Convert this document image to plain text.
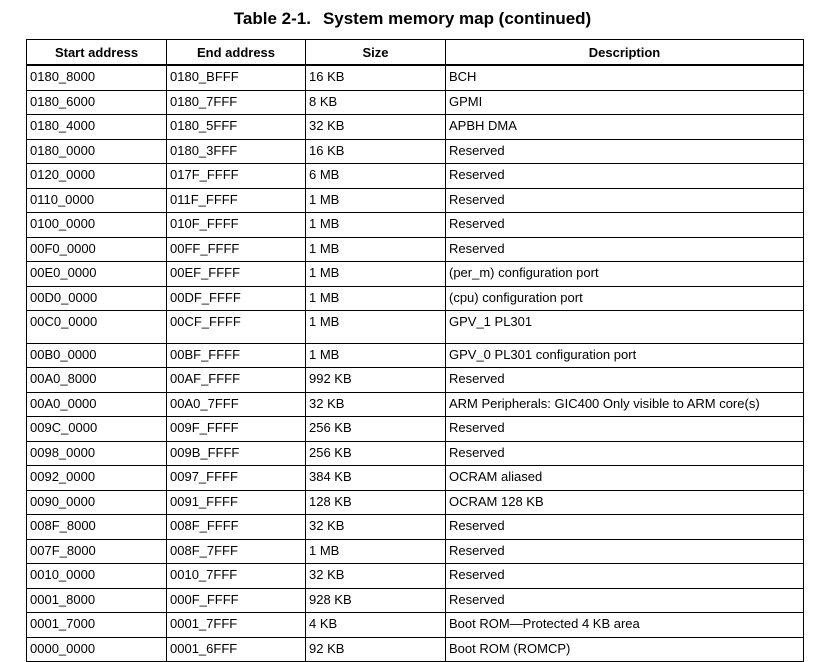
Table 2-1. System memory map (continued)
Start address	End address	Size	Description
0180_8000	0180_BFFF	16 KB	BCH
0180_6000	0180_7FFF	8 KB	GPMI
0180_4000	0180_5FFF	32 KB	APBH DMA
0180_0000	0180_3FFF	16 KB	Reserved
0120_0000	017F_FFFF	6 MB	Reserved
0110_0000	011F_FFFF	1 MB	Reserved
0100_0000	010F_FFFF	1 MB	Reserved
00F0_0000	00FF_FFFF	1 MB	Reserved
00E0_0000	00EF_FFFF	1 MB	(per_m) configuration port
00D0_0000	00DF_FFFF	1 MB	(cpu) configuration port
00C0_0000	00CF_FFFF	1 MB	GPV_1 PL301
00B0_0000	00BF_FFFF	1 MB	GPV_0 PL301 configuration port
00A0_8000	00AF_FFFF	992 KB	Reserved
00A0_0000	00A0_7FFF	32 KB	ARM Peripherals: GIC400 Only visible to ARM core(s)
009C_0000	009F_FFFF	256 KB	Reserved
0098_0000	009B_FFFF	256 KB	Reserved
0092_0000	0097_FFFF	384 KB	OCRAM aliased
0090_0000	0091_FFFF	128 KB	OCRAM 128 KB
008F_8000	008F_FFFF	32 KB	Reserved
007F_8000	008F_7FFF	1 MB	Reserved
0010_0000	0010_7FFF	32 KB	Reserved
0001_8000	000F_FFFF	928 KB	Reserved
0001_7000	0001_7FFF	4 KB	Boot ROM—Protected 4 KB area
0000_0000	0001_6FFF	92 KB	Boot ROM (ROMCP)
